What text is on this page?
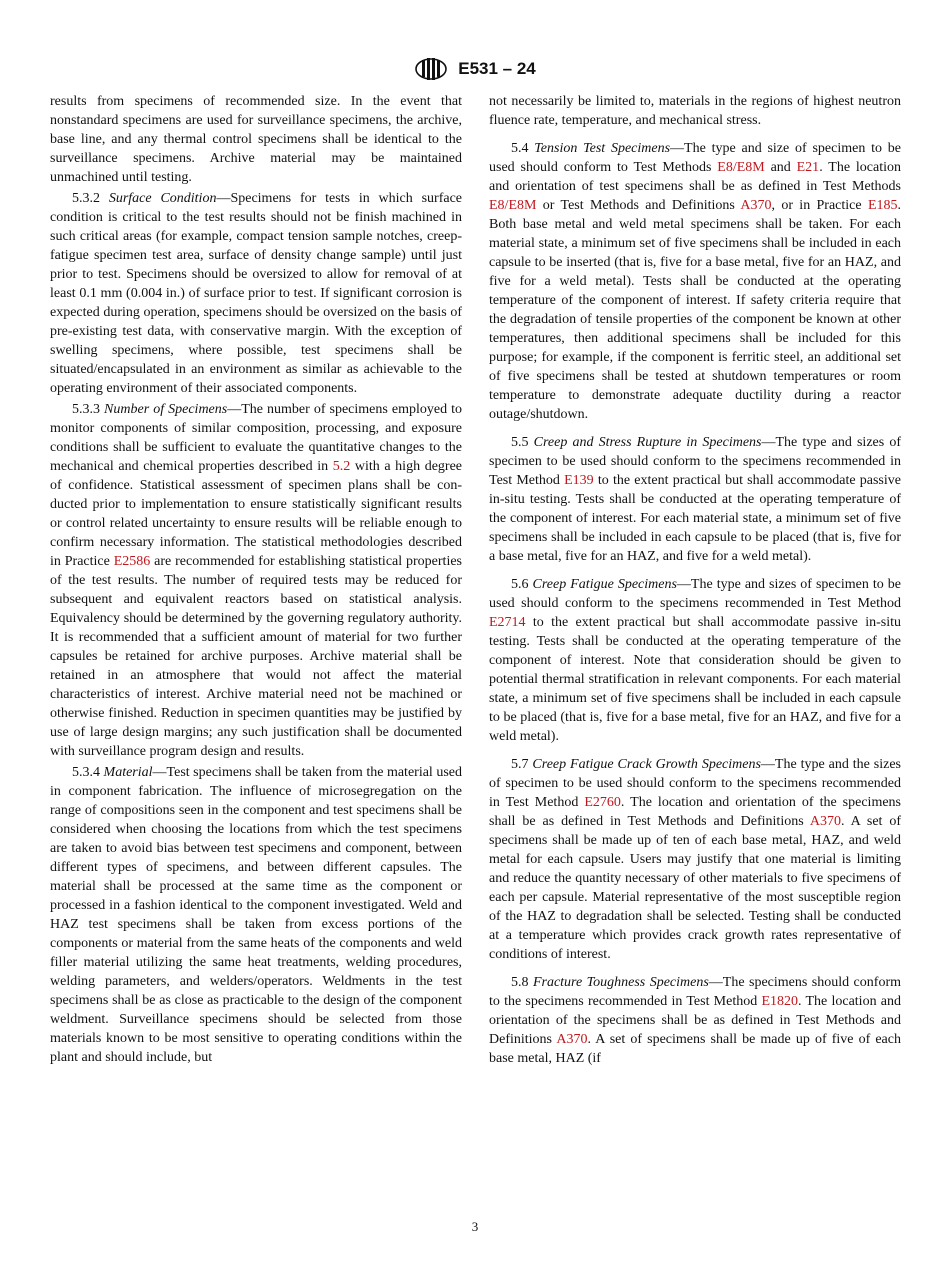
E531 – 24

results from specimens of recommended size. In the event that nonstandard specimens are used for surveillance specimens, the archive, base line, and any thermal control specimens shall be identical to the surveillance specimens. Archive material may be maintained unmachined until testing.

5.3.2 Surface Condition—Specimens for tests in which surface condition is critical to the test results should not be finish machined in such critical areas (for example, compact tension sample notches, creep-fatigue specimen test area, surface of density change sample) until just prior to test. Specimens should be oversized to allow for removal of at least 0.1 mm (0.004 in.) of surface prior to test. If significant corrosion is expected during operation, specimens should be oversized on the basis of pre-existing test data, with conservative margin. With the exception of swelling specimens, where possible, test specimens shall be situated/encapsulated in an environment as similar as achievable to the operating environment of their associated components.

5.3.3 Number of Specimens—The number of specimens employed to monitor components of similar composition, processing, and exposure conditions shall be sufficient to evaluate the quantitative changes to the mechanical and chemical properties described in 5.2 with a high degree of confidence. Statistical assessment of specimen plans shall be conducted prior to implementation to ensure statistically significant results or control related uncertainty to ensure results will be reliable enough to confirm necessary information. The statistical methodologies described in Practice E2586 are recommended for establishing statistical properties of the test results. The number of required tests may be reduced for subsequent and equivalent reactors based on statistical analysis. Equivalency should be determined by the governing regulatory authority. It is recommended that a sufficient amount of material for two further capsules be retained for archive purposes. Archive material shall be retained in an atmosphere that would not affect the material characteristics of interest. Archive material need not be machined or otherwise finished. Reduction in specimen quantities may be justified by use of large design margins; any such justification shall be documented with surveillance program design and results.

5.3.4 Material—Test specimens shall be taken from the material used in component fabrication. The influence of microsegregation on the range of compositions seen in the component and test specimens shall be considered when choosing the locations from which the test specimens are taken to avoid bias between test specimens and component, between different types of specimens, and between different capsules. The material shall be processed at the same time as the component or processed in a fashion identical to the component investigated. Weld and HAZ test specimens shall be taken from excess portions of the components or material from the same heats of the components and weld filler material utilizing the same heat treatments, welding procedures, welding parameters, and welders/operators. Weldments in the test specimens shall be as close as practicable to the design of the component weldment. Surveillance specimens should be selected from those materials known to be most sensitive to operating conditions within the plant and should include, but

not necessarily be limited to, materials in the regions of highest neutron fluence rate, temperature, and mechanical stress.

5.4 Tension Test Specimens—The type and size of specimen to be used should conform to Test Methods E8/E8M and E21. The location and orientation of test specimens shall be as defined in Test Methods E8/E8M or Test Methods and Definitions A370, or in Practice E185. Both base metal and weld metal specimens shall be taken. For each material state, a minimum set of five specimens shall be included in each capsule to be inserted (that is, five for a base metal, five for an HAZ, and five for a weld metal). Tests shall be conducted at the operating temperature of the component of interest. If safety criteria require that the degradation of tensile properties of the component be known at other temperatures, then additional specimens shall be included for this purpose; for example, if the component is ferritic steel, an additional set of five specimens shall be tested at shutdown temperatures or room temperature to demonstrate adequate ductility during a reactor outage/shutdown.

5.5 Creep and Stress Rupture in Specimens—The type and sizes of specimen to be used should conform to the specimens recommended in Test Method E139 to the extent practical but shall accommodate passive in-situ testing. Tests shall be conducted at the operating temperature of the component of interest. For each material state, a minimum set of five specimens shall be included in each capsule to be placed (that is, five for a base metal, five for an HAZ, and five for a weld metal).

5.6 Creep Fatigue Specimens—The type and sizes of specimen to be used should conform to the specimens recommended in Test Method E2714 to the extent practical but shall accommodate passive in-situ testing. Tests shall be conducted at the operating temperature of the component of interest. Note that consideration should be given to potential thermal stratification in relevant components. For each material state, a minimum set of five specimens shall be included in each capsule to be placed (that is, five for a base metal, five for an HAZ, and five for a weld metal).

5.7 Creep Fatigue Crack Growth Specimens—The type and the sizes of specimen to be used should conform to the specimens recommended in Test Method E2760. The location and orientation of the specimens shall be as defined in Test Methods and Definitions A370. A set of specimens shall be made up of ten of each base metal, HAZ, and weld metal for each capsule. Users may justify that one material is limiting and reduce the quantity necessary of other materials to five specimens of each per capsule. Material representative of the most susceptible region of the HAZ to degradation shall be selected. Testing shall be conducted at a temperature which provides crack growth rates representative of conditions of interest.

5.8 Fracture Toughness Specimens—The specimens should conform to the specimens recommended in Test Method E1820. The location and orientation of the specimens shall be as defined in Test Methods and Definitions A370. A set of specimens shall be made up of five of each base metal, HAZ (if

3
